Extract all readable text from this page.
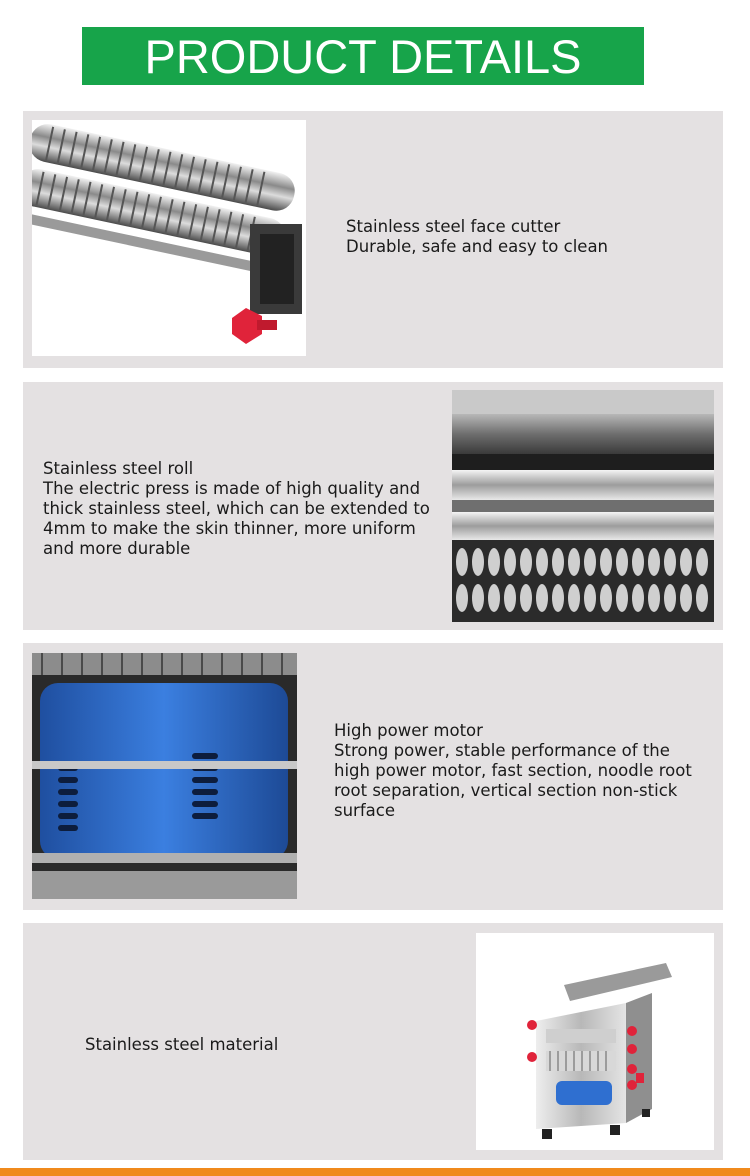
PRODUCT DETAILS
Stainless steel face cutter
Durable, safe and easy to clean
Stainless steel roll
The electric press is made of high quality and
thick stainless steel, which can be extended to
4mm to make the skin thinner, more uniform
and more durable
High power motor
Strong power, stable performance of the
high power motor, fast section, noodle root
root separation, vertical section non-stick
surface
Stainless steel material
